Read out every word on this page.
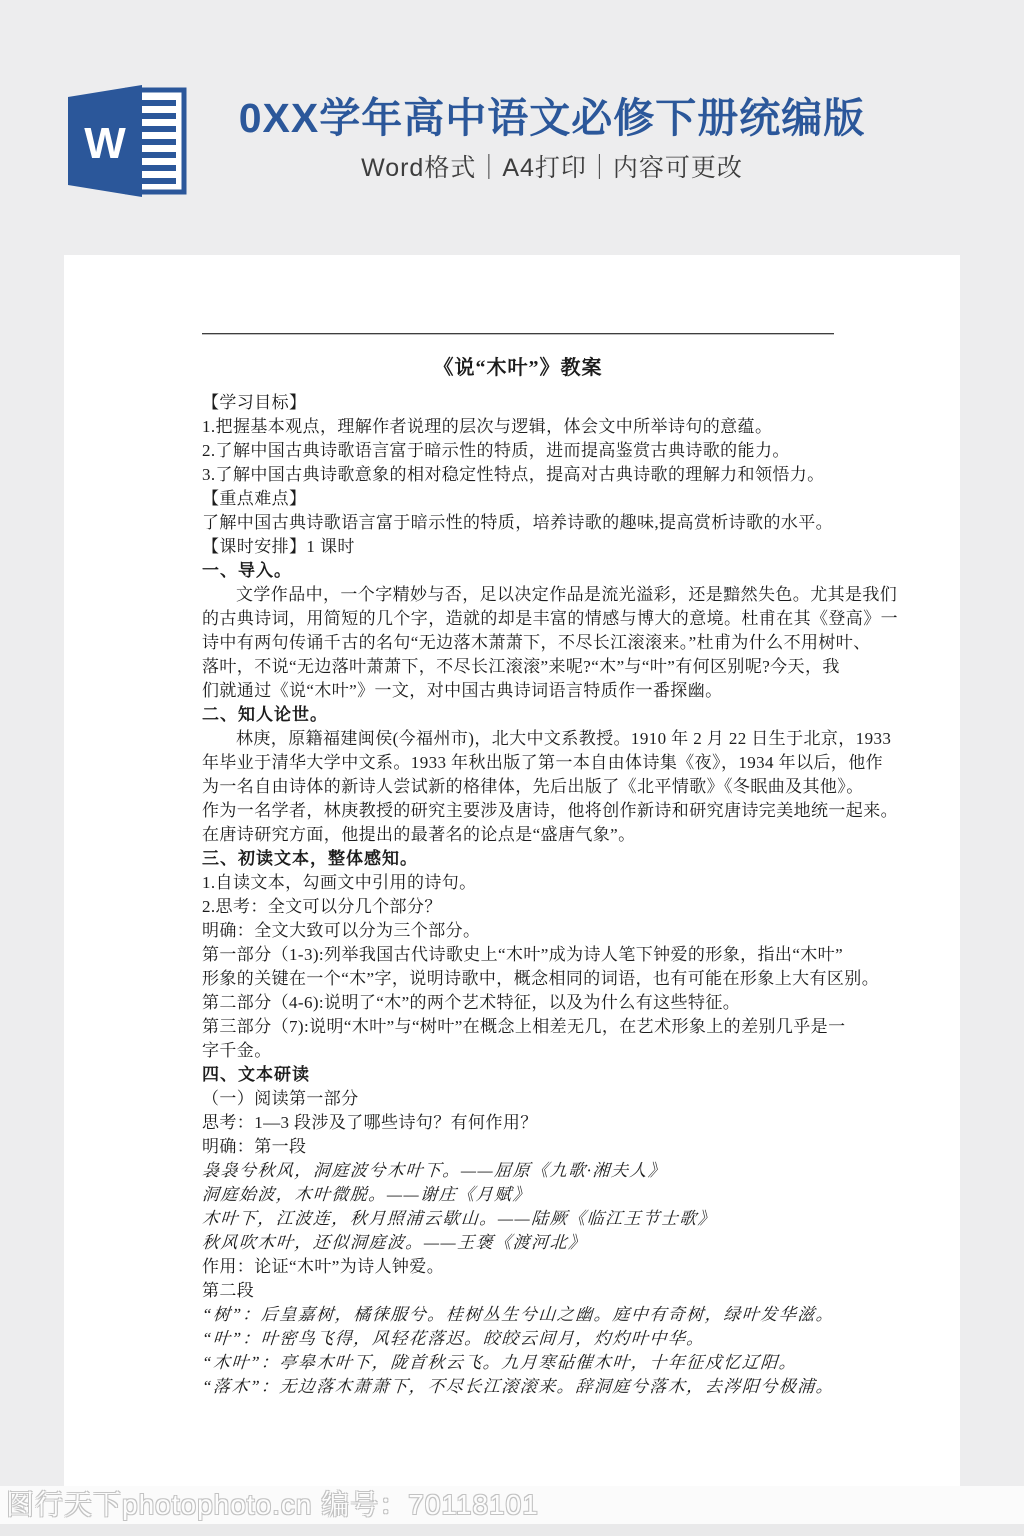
W
0XX学年高中语文必修下册统编版
Word格式｜A4打印｜内容可更改
《说“木叶”》教案
【学习目标】
1.把握基本观点，理解作者说理的层次与逻辑，体会文中所举诗句的意蕴。
2.了解中国古典诗歌语言富于暗示性的特质，进而提高鉴赏古典诗歌的能力。
3.了解中国古典诗歌意象的相对稳定性特点，提高对古典诗歌的理解力和领悟力。
【重点难点】
了解中国古典诗歌语言富于暗示性的特质，培养诗歌的趣味,提高赏析诗歌的水平。
【课时安排】1 课时
一、导入。
文学作品中，一个字精妙与否，足以决定作品是流光溢彩，还是黯然失色。尤其是我们
的古典诗词，用简短的几个字，造就的却是丰富的情感与博大的意境。杜甫在其《登高》一
诗中有两句传诵千古的名句“无边落木萧萧下，不尽长江滚滚来。”杜甫为什么不用树叶、
落叶，不说“无边落叶萧萧下，不尽长江滚滚”来呢?“木”与“叶”有何区别呢?今天，我
们就通过《说“木叶”》一文，对中国古典诗词语言特质作一番探幽。
二、知人论世。
林庚，原籍福建闽侯(今福州市)，北大中文系教授。1910 年 2 月 22 日生于北京，1933
年毕业于清华大学中文系。1933 年秋出版了第一本自由体诗集《夜》，1934 年以后，他作
为一名自由诗体的新诗人尝试新的格律体，先后出版了《北平情歌》《冬眠曲及其他》。
作为一名学者，林庚教授的研究主要涉及唐诗，他将创作新诗和研究唐诗完美地统一起来。
在唐诗研究方面，他提出的最著名的论点是“盛唐气象”。
三、初读文本，整体感知。
1.自读文本，勾画文中引用的诗句。
2.思考：全文可以分几个部分？
明确：全文大致可以分为三个部分。
第一部分（1-3):列举我国古代诗歌史上“木叶”成为诗人笔下钟爱的形象，指出“木叶”
形象的关键在一个“木”字，说明诗歌中，概念相同的词语，也有可能在形象上大有区别。
第二部分（4-6):说明了“木”的两个艺术特征，以及为什么有这些特征。
第三部分（7):说明“木叶”与“树叶”在概念上相差无几，在艺术形象上的差别几乎是一
字千金。
四、文本研读
（一）阅读第一部分
思考：1—3 段涉及了哪些诗句？有何作用？
明确：第一段
袅袅兮秋风，洞庭波兮木叶下。——屈原《九歌·湘夫人》
洞庭始波，木叶微脱。——谢庄《月赋》
木叶下，江波连，秋月照浦云歇山。——陆厥《临江王节士歌》
秋风吹木叶，还似洞庭波。——王褒《渡河北》
作用：论证“木叶”为诗人钟爱。
第二段
“树”：后皇嘉树，橘徕服兮。桂树丛生兮山之幽。庭中有奇树，绿叶发华滋。
“叶”：叶密鸟飞得，风轻花落迟。皎皎云间月，灼灼叶中华。
“木叶”：亭皋木叶下，陇首秋云飞。九月寒砧催木叶，十年征戍忆辽阳。
“落木”：无边落木萧萧下，不尽长江滚滚来。辞洞庭兮落木，去涔阳兮极浦。
图行天下photophoto.cn 编号：70118101
